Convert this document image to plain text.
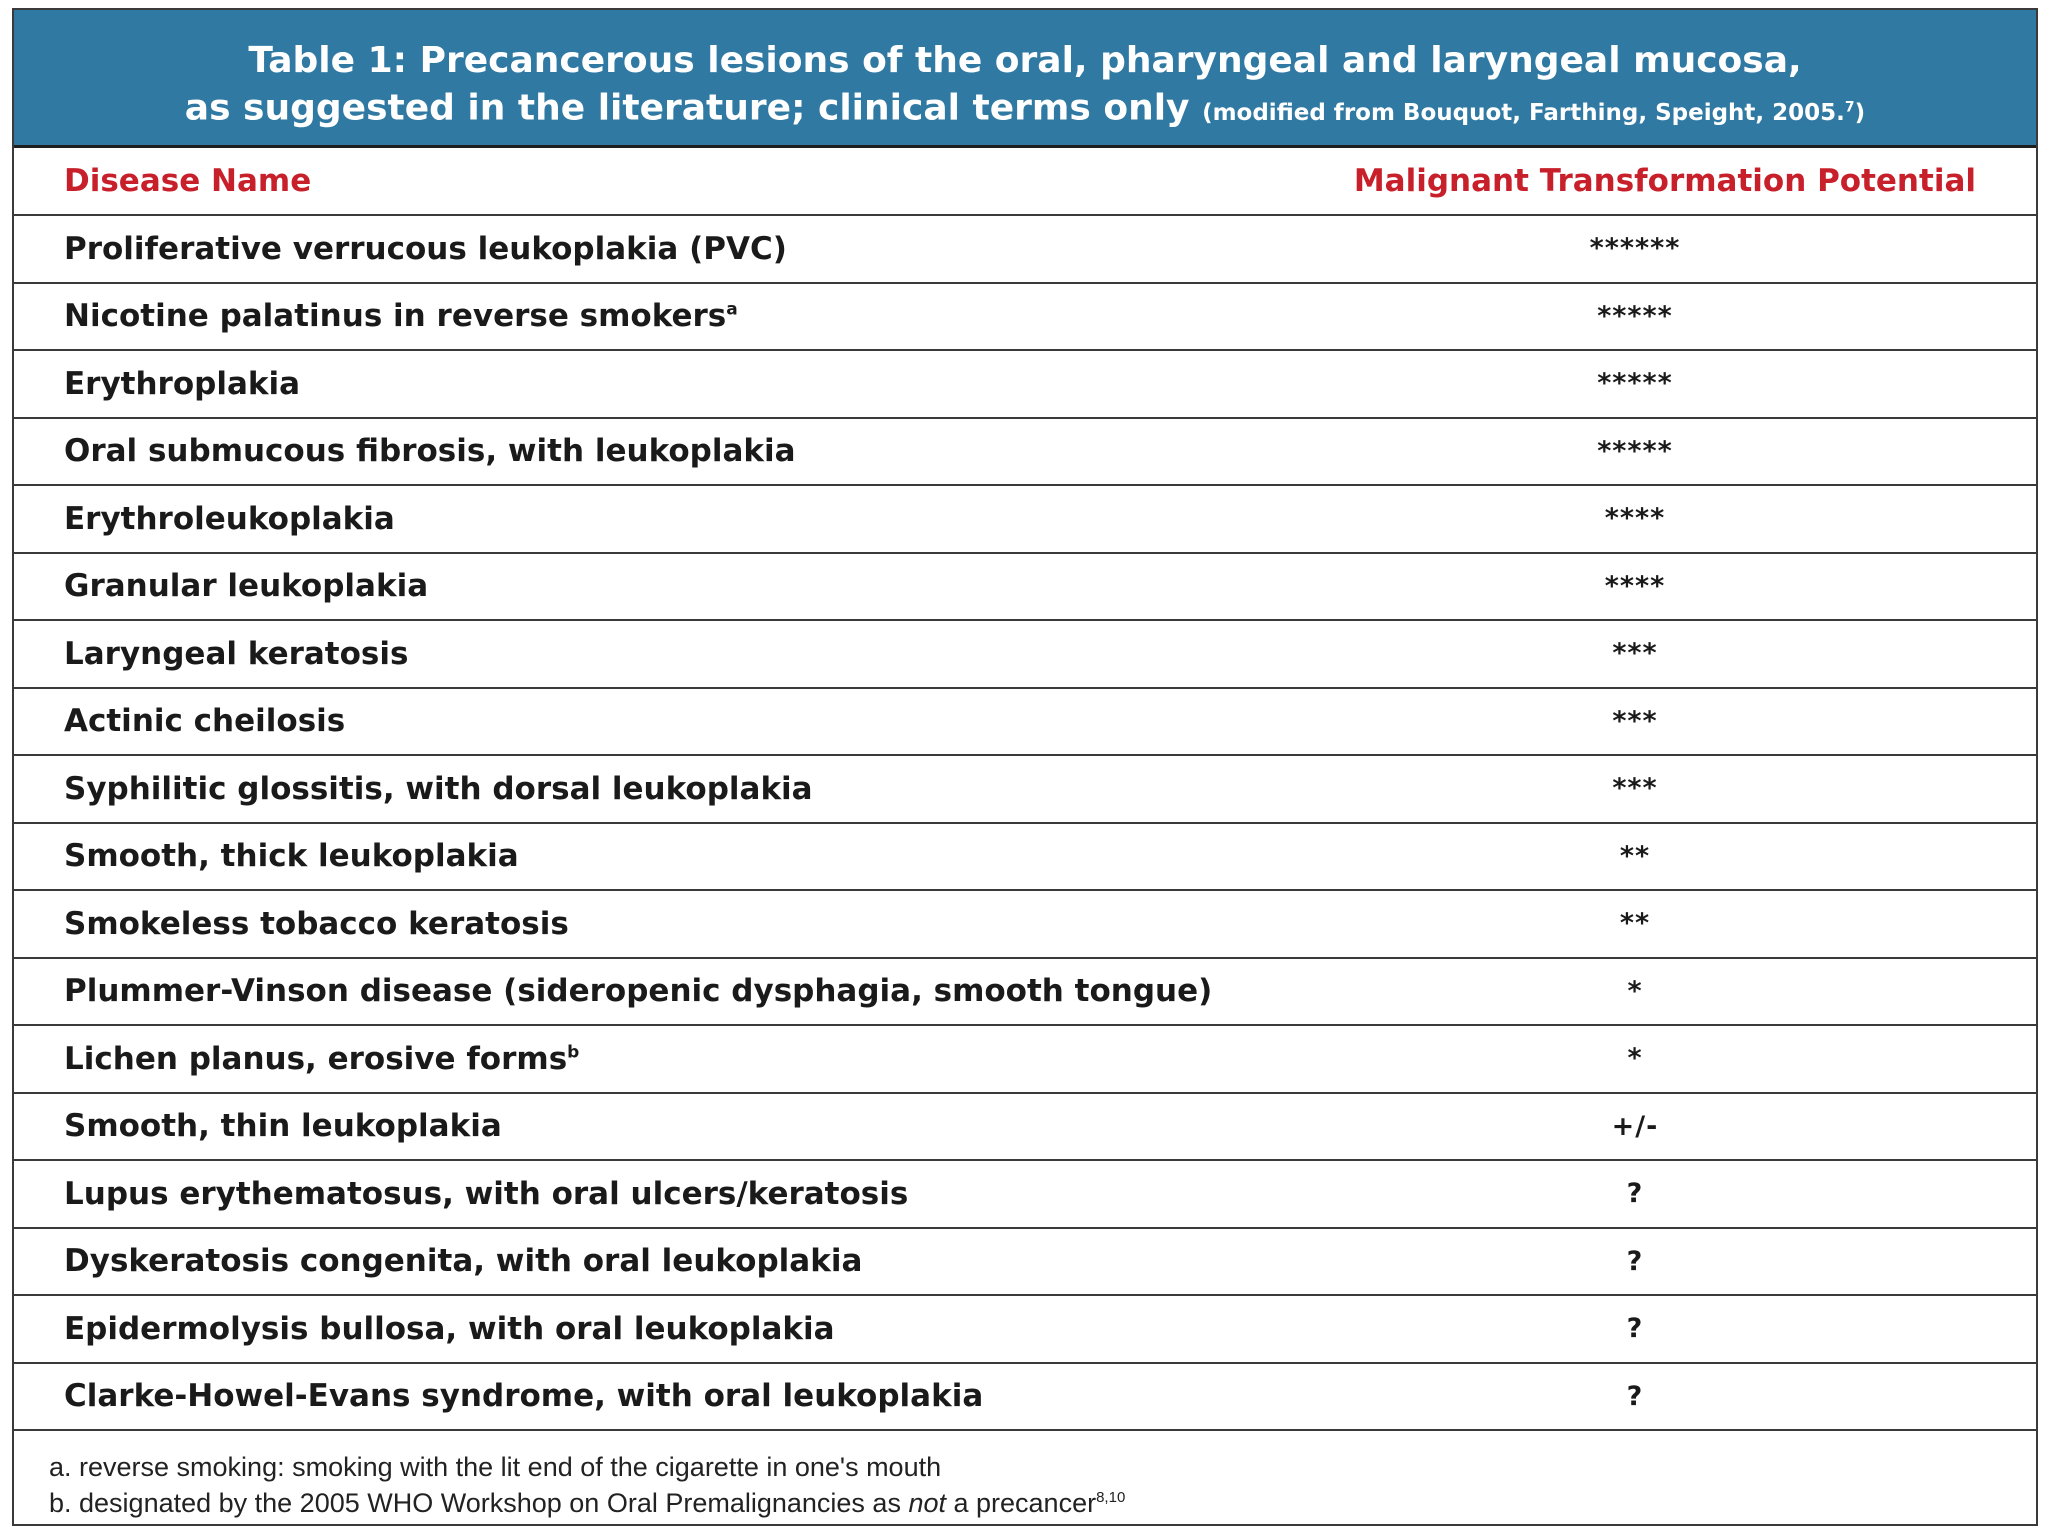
Table 1: Precancerous lesions of the oral, pharyngeal and laryngeal mucosa,
as suggested in the literature; clinical terms only (modified from Bouquot, Farthing, Speight, 2005.$^7$)
Disease Name	Malignant Transformation Potential
Proliferative verrucous leukoplakia (PVC)	******
Nicotine palatinus in reverse smokers$^a$	*****
Erythroplakia	*****
Oral submucous fibrosis, with leukoplakia	*****
Erythroleukoplakia	****
Granular leukoplakia	****
Laryngeal keratosis	***
Actinic cheilosis	***
Syphilitic glossitis, with dorsal leukoplakia	***
Smooth, thick leukoplakia	**
Smokeless tobacco keratosis	**
Plummer-Vinson disease (sideropenic dysphagia, smooth tongue)	*
Lichen planus, erosive forms$^b$	*
Smooth, thin leukoplakia	+/-
Lupus erythematosus, with oral ulcers/keratosis	?
Dyskeratosis congenita, with oral leukoplakia	?
Epidermolysis bullosa, with oral leukoplakia	?
Clarke-Howel-Evans syndrome, with oral leukoplakia	?
a. reverse smoking: smoking with the lit end of the cigarette in one's mouth
b. designated by the 2005 WHO Workshop on Oral Premalignancies as not a precancer$^{8,10}$
